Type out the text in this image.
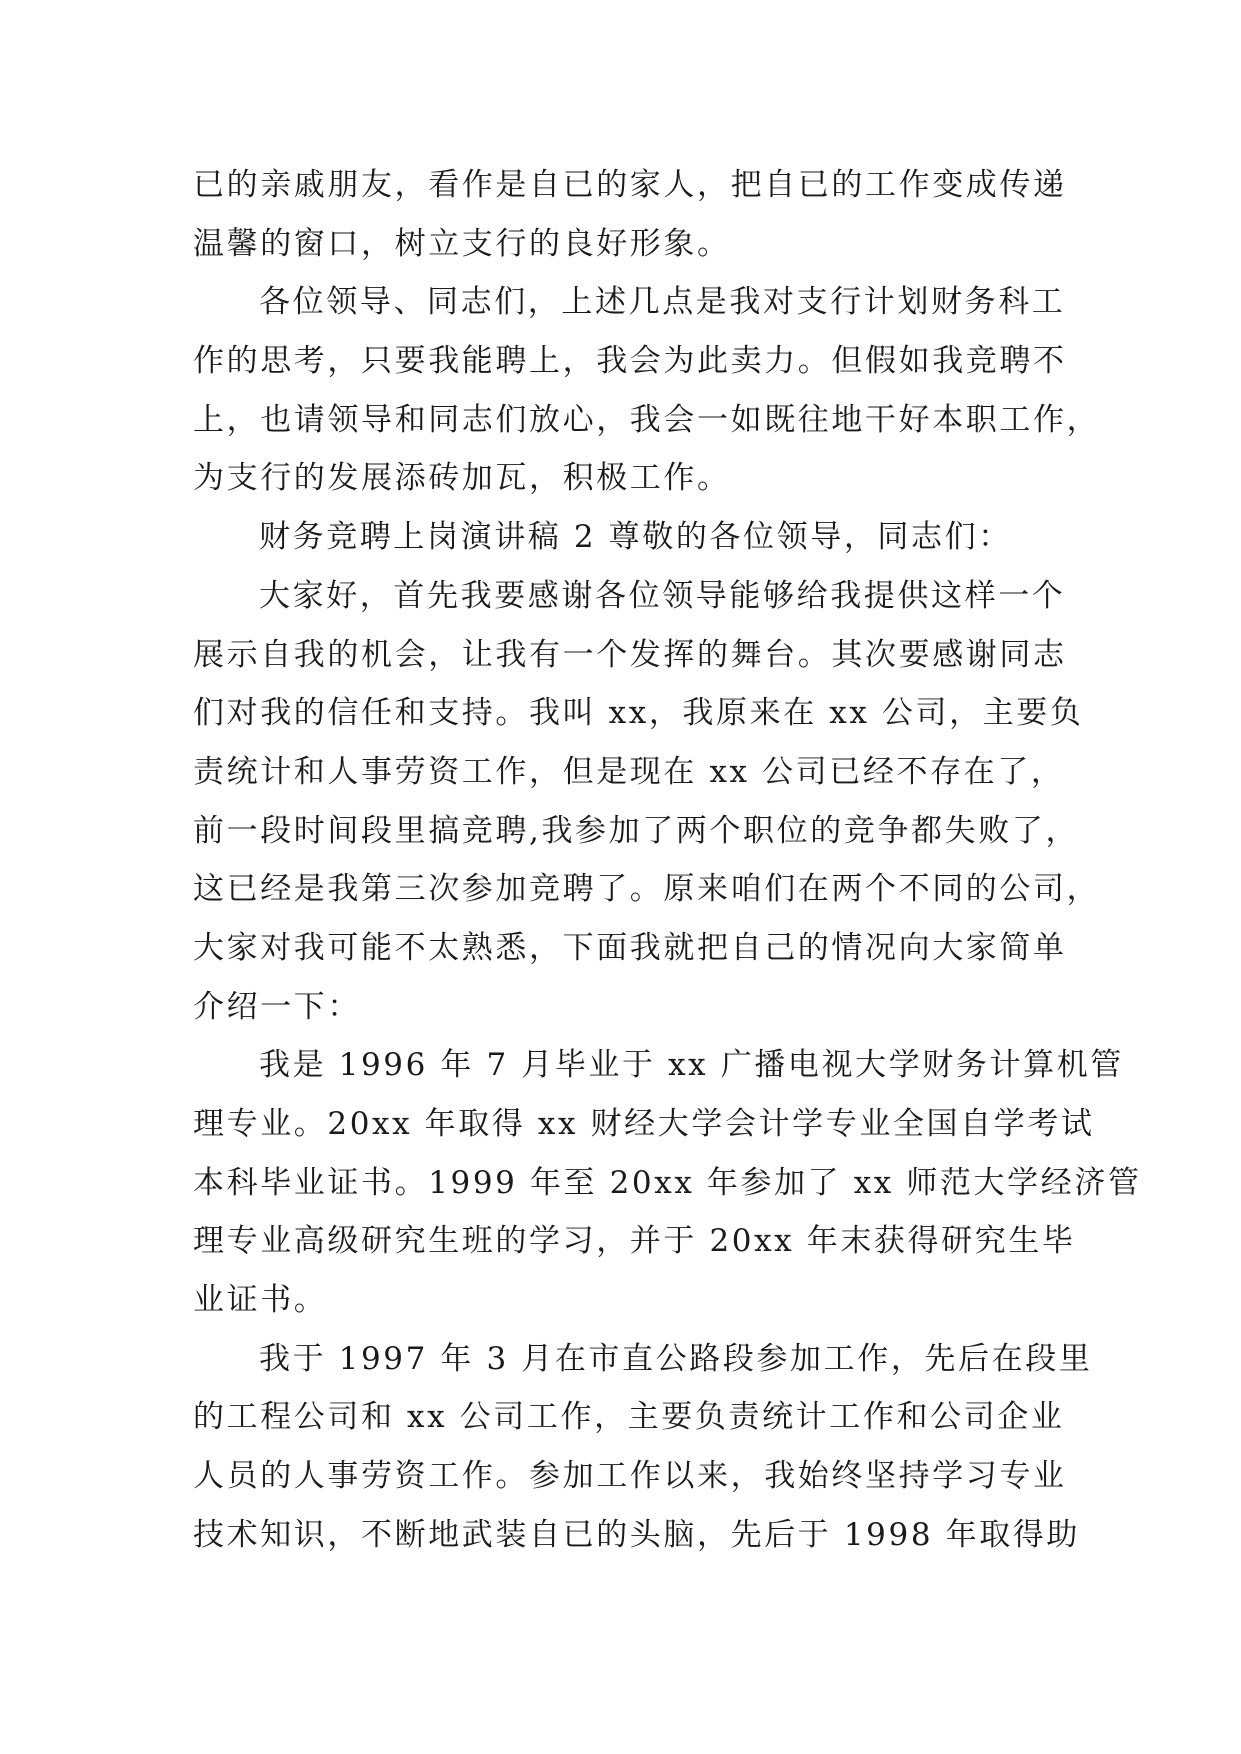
已的亲戚朋友，看作是自已的家人，把自已的工作变成传递
温馨的窗口，树立支行的良好形象。
各位领导、同志们，上述几点是我对支行计划财务科工
作的思考，只要我能聘上，我会为此卖力。但假如我竞聘不
上，也请领导和同志们放心，我会一如既往地干好本职工作，
为支行的发展添砖加瓦，积极工作。
财务竞聘上岗演讲稿 2 尊敬的各位领导，同志们：
大家好，首先我要感谢各位领导能够给我提供这样一个
展示自我的机会，让我有一个发挥的舞台。其次要感谢同志
们对我的信任和支持。我叫 xx，我原来在 xx 公司，主要负
责统计和人事劳资工作，但是现在 xx 公司已经不存在了，
前一段时间段里搞竞聘,我参加了两个职位的竞争都失败了，
这已经是我第三次参加竞聘了。原来咱们在两个不同的公司，
大家对我可能不太熟悉，下面我就把自己的情况向大家简单
介绍一下：
我是 1996 年 7 月毕业于 xx 广播电视大学财务计算机管
理专业。20xx 年取得 xx 财经大学会计学专业全国自学考试
本科毕业证书。1999 年至 20xx 年参加了 xx 师范大学经济管
理专业高级研究生班的学习，并于 20xx 年末获得研究生毕
业证书。
我于 1997 年 3 月在市直公路段参加工作，先后在段里
的工程公司和 xx 公司工作，主要负责统计工作和公司企业
人员的人事劳资工作。参加工作以来，我始终坚持学习专业
技术知识，不断地武装自已的头脑，先后于 1998 年取得助
